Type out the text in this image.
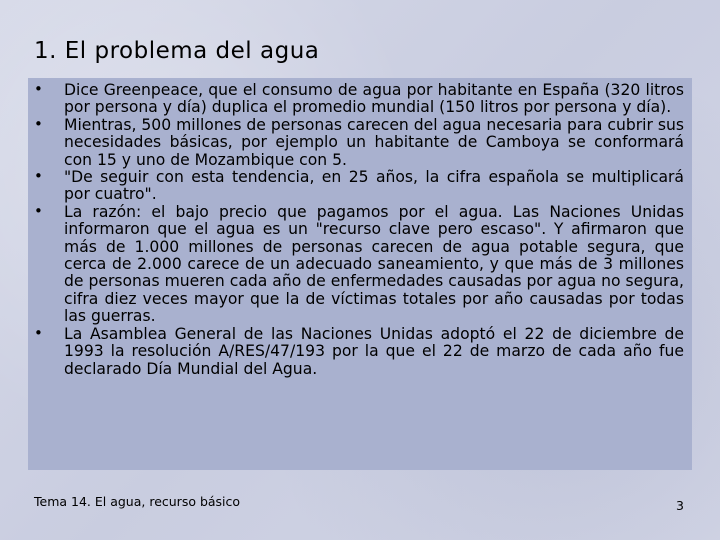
1. El problema del agua
• Dice Greenpeace, que el consumo de agua por habitante en España (320 litros por persona y día) duplica el promedio mundial (150 litros por persona y día).
• Mientras, 500 millones de personas carecen del agua necesaria para cubrir sus necesidades básicas, por ejemplo un habitante de Camboya se conformará con 15 y uno de Mozambique con 5.
• "De seguir con esta tendencia, en 25 años, la cifra española se multiplicará por cuatro".
• La razón: el bajo precio que pagamos por el agua. Las Naciones Unidas informaron que el agua es un "recurso clave pero escaso". Y afirmaron que más de 1.000 millones de personas carecen de agua potable segura, que cerca de 2.000 carece de un adecuado saneamiento, y que más de 3 millones de personas mueren cada año de enfermedades causadas por agua no segura, cifra diez veces mayor que la de víctimas totales por año causadas por todas las guerras.
• La Asamblea General de las Naciones Unidas adoptó el 22 de diciembre de 1993 la resolución A/RES/47/193 por la que el 22 de marzo de cada año fue declarado Día Mundial del Agua.
Tema 14. El agua, recurso básico	3
